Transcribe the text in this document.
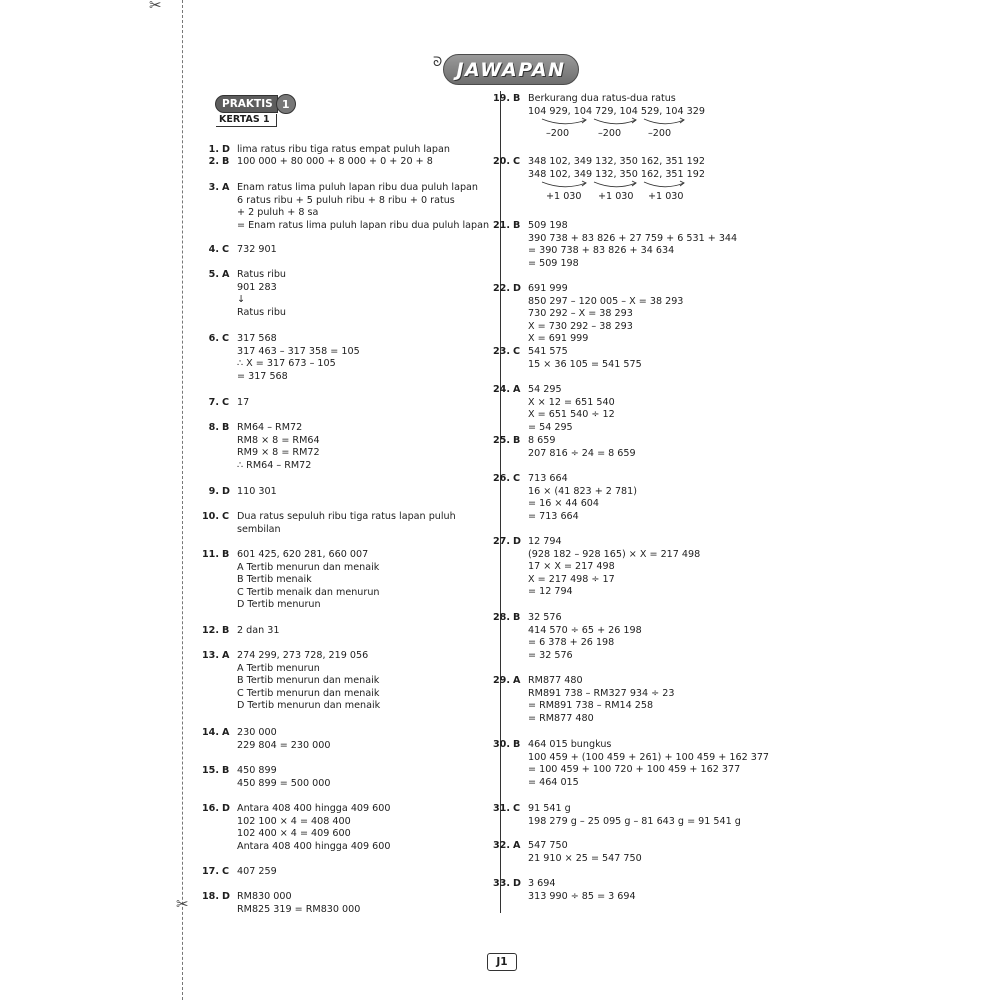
✂
✂
ᘐ JAWAPAN
PRAKTIS 1
KERTAS 1
1. D lima ratus ribu tiga ratus empat puluh lapan
2. B 100 000 + 80 000 + 8 000 + 0 + 20 + 8
3. A Enam ratus lima puluh lapan ribu dua puluh lapan
6 ratus ribu + 5 puluh ribu + 8 ribu + 0 ratus
+ 2 puluh + 8 sa
= Enam ratus lima puluh lapan ribu dua puluh lapan
4. C 732 901
5. A Ratus ribu
901 283
↓
Ratus ribu
6. C 317 568
317 463 – 317 358 = 105
∴ X = 317 673 – 105
= 317 568
7. C 17
8. B RM64 – RM72
RM8 × 8 = RM64
RM9 × 8 = RM72
∴ RM64 – RM72
9. D 110 301
10. C Dua ratus sepuluh ribu tiga ratus lapan puluh
sembilan
11. B 601 425, 620 281, 660 007
A Tertib menurun dan menaik
B Tertib menaik
C Tertib menaik dan menurun
D Tertib menurun
12. B 2 dan 31
13. A 274 299, 273 728, 219 056
A Tertib menurun
B Tertib menurun dan menaik
C Tertib menurun dan menaik
D Tertib menurun dan menaik
14. A 230 000
229 804 = 230 000
15. B 450 899
450 899 = 500 000
16. D Antara 408 400 hingga 409 600
102 100 × 4 = 408 400
102 400 × 4 = 409 600
Antara 408 400 hingga 409 600
17. C 407 259
18. D RM830 000
RM825 319 = RM830 000
19. B Berkurang dua ratus-dua ratus
104 929, 104 729, 104 529, 104 329
–200	–200	–200
20. C 348 102, 349 132, 350 162, 351 192
348 102, 349 132, 350 162, 351 192
+1 030 +1 030 +1 030
21. B 509 198
390 738 + 83 826 + 27 759 + 6 531 + 344
= 390 738 + 83 826 + 34 634
= 509 198
22. D 691 999
850 297 – 120 005 – X = 38 293
730 292 – X = 38 293
X = 730 292 – 38 293
X = 691 999
23. C 541 575
15 × 36 105 = 541 575
24. A 54 295
X × 12 = 651 540
X = 651 540 ÷ 12
= 54 295
25. B 8 659
207 816 ÷ 24 = 8 659
26. C 713 664
16 × (41 823 + 2 781)
= 16 × 44 604
= 713 664
27. D 12 794
(928 182 – 928 165) × X = 217 498
17 × X = 217 498
X = 217 498 ÷ 17
= 12 794
28. B 32 576
414 570 ÷ 65 + 26 198
= 6 378 + 26 198
= 32 576
29. A RM877 480
RM891 738 – RM327 934 ÷ 23
= RM891 738 – RM14 258
= RM877 480
30. B 464 015 bungkus
100 459 + (100 459 + 261) + 100 459 + 162 377
= 100 459 + 100 720 + 100 459 + 162 377
= 464 015
31. C 91 541 g
198 279 g – 25 095 g – 81 643 g = 91 541 g
32. A 547 750
21 910 × 25 = 547 750
33. D 3 694
313 990 ÷ 85 = 3 694
J1
